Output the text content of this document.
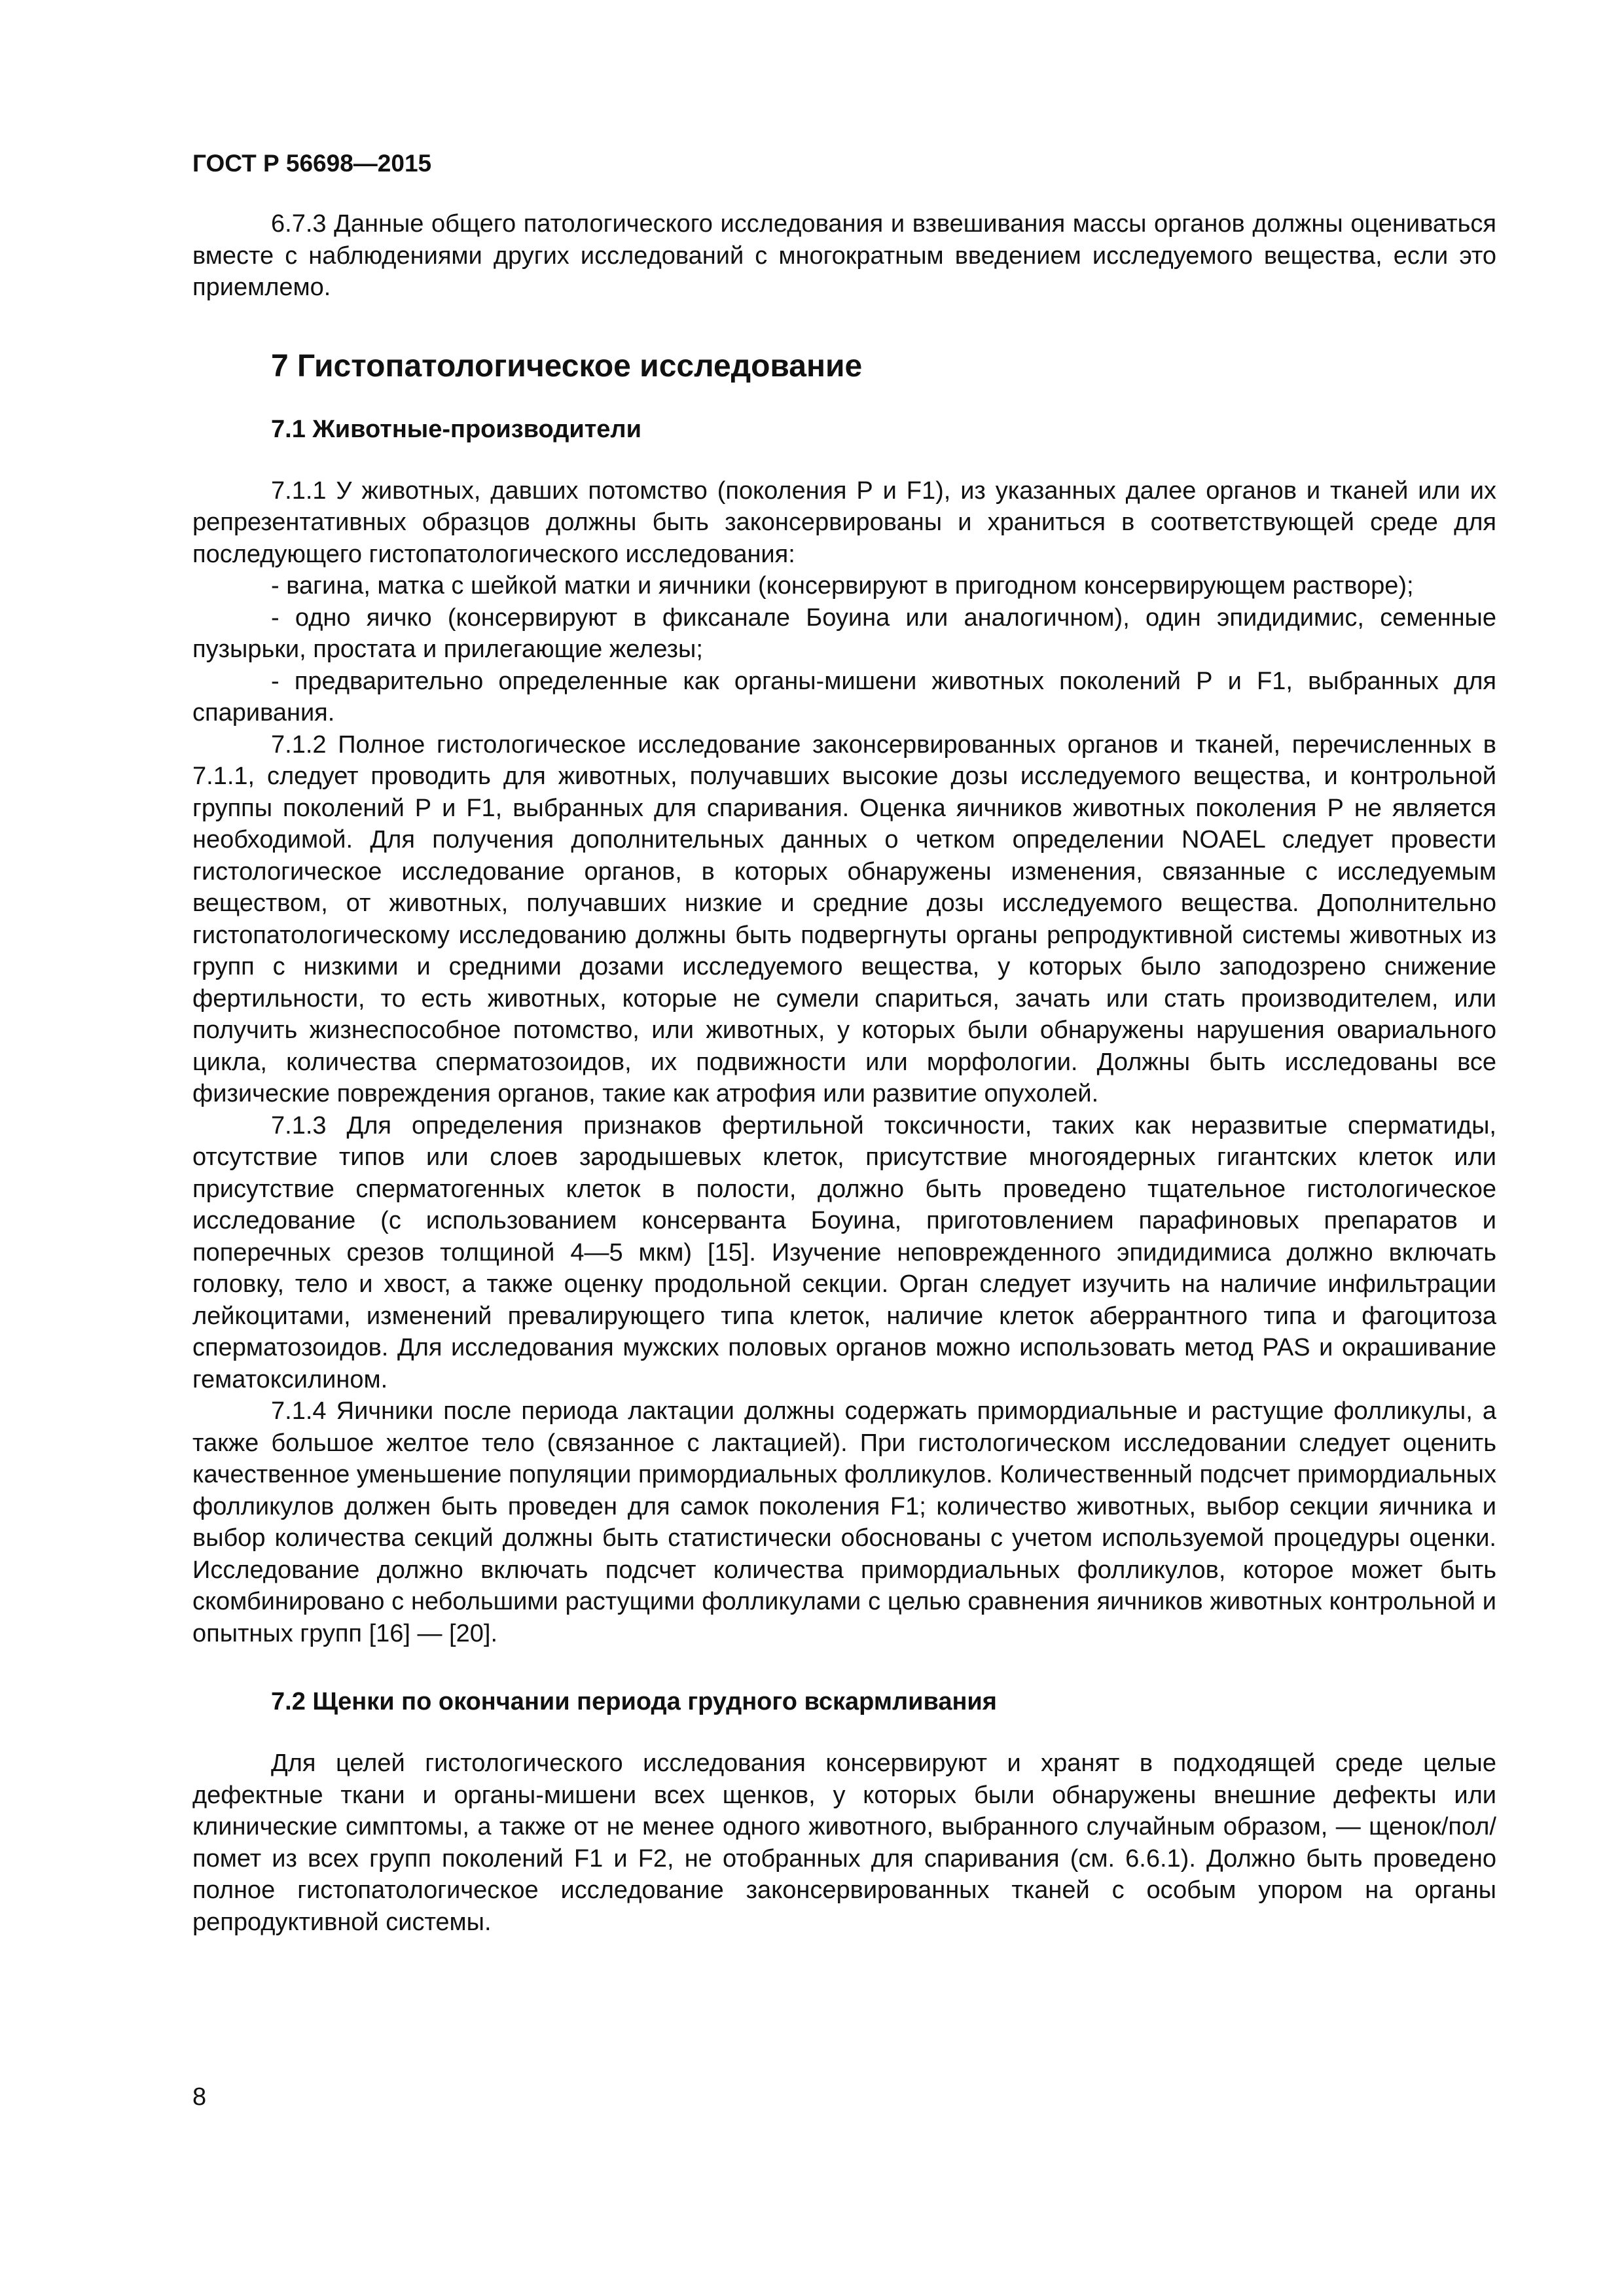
ГОСТ Р 56698—2015

6.7.3 Данные общего патологического исследования и взвешивания массы органов должны оцениваться вместе с наблюдениями других исследований с многократным введением исследуемого вещества, если это приемлемо.

7 Гистопатологическое исследование
7.1 Животные-производители

7.1.1 У животных, давших потомство (поколения Р и F1), из указанных далее органов и тканей или их репрезентативных образцов должны быть законсервированы и храниться в соответствующей среде для последующего гистопатологического исследования:

- вагина, матка с шейкой матки и яичники (консервируют в пригодном консервирующем растворе);

- одно яичко (консервируют в фиксанале Боуина или аналогичном), один эпидидимис, семенные пузырьки, простата и прилегающие железы;

- предварительно определенные как органы-мишени животных поколений Р и F1, выбранных для спаривания.

7.1.2 Полное гистологическое исследование законсервированных органов и тканей, перечисленных в 7.1.1, следует проводить для животных, получавших высокие дозы исследуемого вещества, и контрольной группы поколений Р и F1, выбранных для спаривания. Оценка яичников животных поколения Р не является необходимой. Для получения дополнительных данных о четком определении NOAEL следует провести гистологическое исследование органов, в которых обнаружены изменения, связанные с исследуемым веществом, от животных, получавших низкие и средние дозы исследуемого вещества. Дополнительно гистопатологическому исследованию должны быть подвергнуты органы репродуктивной системы животных из групп с низкими и средними дозами исследуемого вещества, у которых было заподозрено снижение фертильности, то есть животных, которые не сумели спариться, зачать или стать производителем, или получить жизнеспособное потомство, или животных, у которых были обнаружены нарушения овариального цикла, количества сперматозоидов, их подвижности или морфологии. Должны быть исследованы все физические повреждения органов, такие как атрофия или развитие опухолей.

7.1.3 Для определения признаков фертильной токсичности, таких как неразвитые сперматиды, отсутствие типов или слоев зародышевых клеток, присутствие многоядерных гигантских клеток или присутствие сперматогенных клеток в полости, должно быть проведено тщательное гистологическое исследование (с использованием консерванта Боуина, приготовлением парафиновых препаратов и поперечных срезов толщиной 4—5 мкм) [15]. Изучение неповрежденного эпидидимиса должно включать головку, тело и хвост, а также оценку продольной секции. Орган следует изучить на наличие инфильтрации лейкоцитами, изменений превалирующего типа клеток, наличие клеток аберрантного типа и фагоцитоза сперматозоидов. Для исследования мужских половых органов можно использовать метод PAS и окрашивание гематоксилином.

7.1.4 Яичники после периода лактации должны содержать примордиальные и растущие фолликулы, а также большое желтое тело (связанное с лактацией). При гистологическом исследовании следует оценить качественное уменьшение популяции примордиальных фолликулов. Количественный подсчет примордиальных фолликулов должен быть проведен для самок поколения F1; количество животных, выбор секции яичника и выбор количества секций должны быть статистически обоснованы с учетом используемой процедуры оценки. Исследование должно включать подсчет количества примордиальных фолликулов, которое может быть скомбинировано с небольшими растущими фолликулами с целью сравнения яичников животных контрольной и опытных групп [16] — [20].

7.2 Щенки по окончании периода грудного вскармливания

Для целей гистологического исследования консервируют и хранят в подходящей среде целые дефектные ткани и органы-мишени всех щенков, у которых были обнаружены внешние дефекты или клинические симптомы, а также от не менее одного животного, выбранного случайным образом, — щенок/пол/помет из всех групп поколений F1 и F2, не отобранных для спаривания (см. 6.6.1). Должно быть проведено полное гистопатологическое исследование законсервированных тканей с особым упором на органы репродуктивной системы.

8
